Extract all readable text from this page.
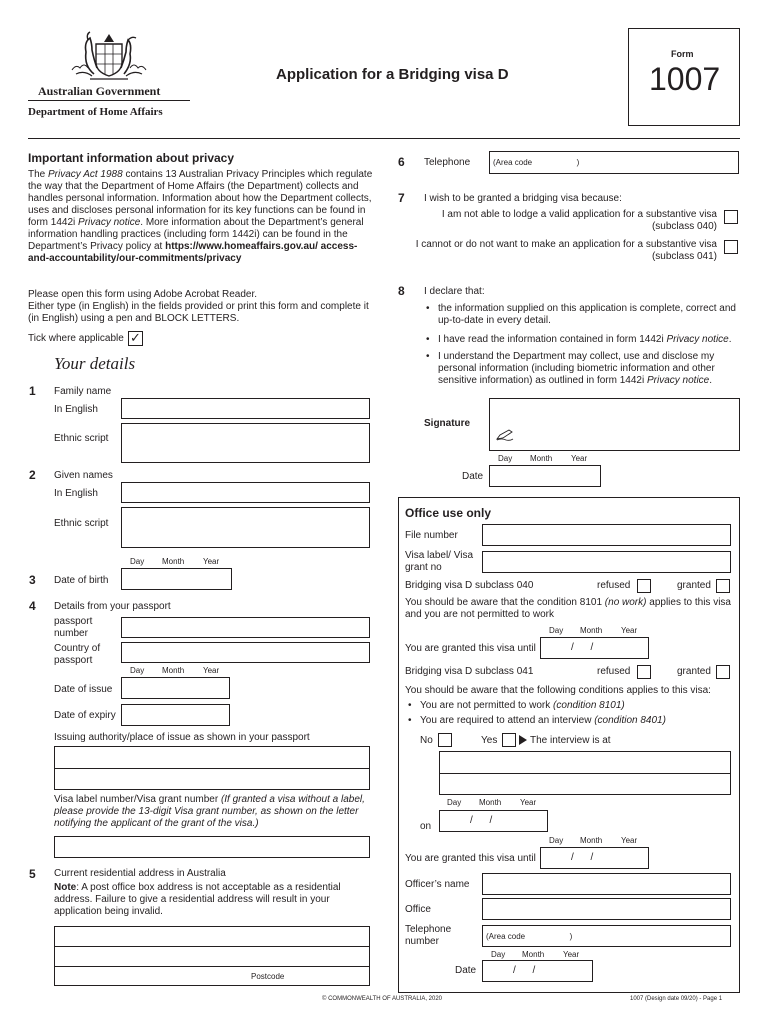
Australian Government
Department of Home Affairs
Application for a Bridging visa D
Form
1007
Important information about privacy
The Privacy Act 1988 contains 13 Australian Privacy Principles which regulate the way that the Department of Home Affairs (the Department) collects and handles personal information. Information about how the Department collects, uses and discloses personal information for its key functions can be found in form 1442i Privacy notice. More information about the Department’s general information handling practices (including form 1442i) can be found in the Department’s Privacy policy at https://www.homeaffairs.gov.au/ access-and-accountability/our-commitments/privacy
Please open this form using Adobe Acrobat Reader.
Either type (in English) in the fields provided or print this form and complete it (in English) using a pen and BLOCK LETTERS.
Tick where applicable ✓
Your details
1 Family name
In English
Ethnic script
2 Given names
In English
Ethnic script
Day Month Year
3 Date of birth
4 Details from your passport
passport number
Country of passport
Day Month Year
Date of issue
Date of expiry
Issuing authority/place of issue as shown in your passport
Visa label number/Visa grant number (If granted a visa without a label, please provide the 13-digit Visa grant number, as shown on the letter notifying the applicant of the grant of the visa.)
5 Current residential address in Australia
Note: A post office box address is not acceptable as a residential address. Failure to give a residential address will result in your application being invalid.
Postcode
6 Telephone	(Area code                    )
7 I wish to be granted a bridging visa because:
I am not able to lodge a valid application for a substantive visa
(subclass 040)
I cannot or do not want to make an application for a substantive visa
(subclass 041)
8 I declare that:
• the information supplied on this application is complete, correct and up-to-date in every detail.
• I have read the information contained in form 1442i Privacy notice.
• I understand the Department may collect, use and disclose my personal information (including biometric information and other sensitive information) as outlined in form 1442i Privacy notice.
Signature
Day Month Year
Date
Office use only
File number
Visa label/ Visa grant no
Bridging visa D subclass 040	refused	granted
You should be aware that the condition 8101 (no work) applies to this visa and you are not permitted to work
Day Month Year
You are granted this visa until	/      /
Bridging visa D subclass 041	refused	granted
You should be aware that the following conditions applies to this visa:
• You are not permitted to work (condition 8101)
• You are required to attend an interview (condition 8401)
No	Yes	The interview is at
Day Month Year
on
/      /
Day Month Year
You are granted this visa until	/      /
Officer’s name
Office
Telephone number	(Area code                    )
Day Month Year
Date	/      /
© COMMONWEALTH OF AUSTRALIA, 2020	1007 (Design date 09/20) - Page 1
